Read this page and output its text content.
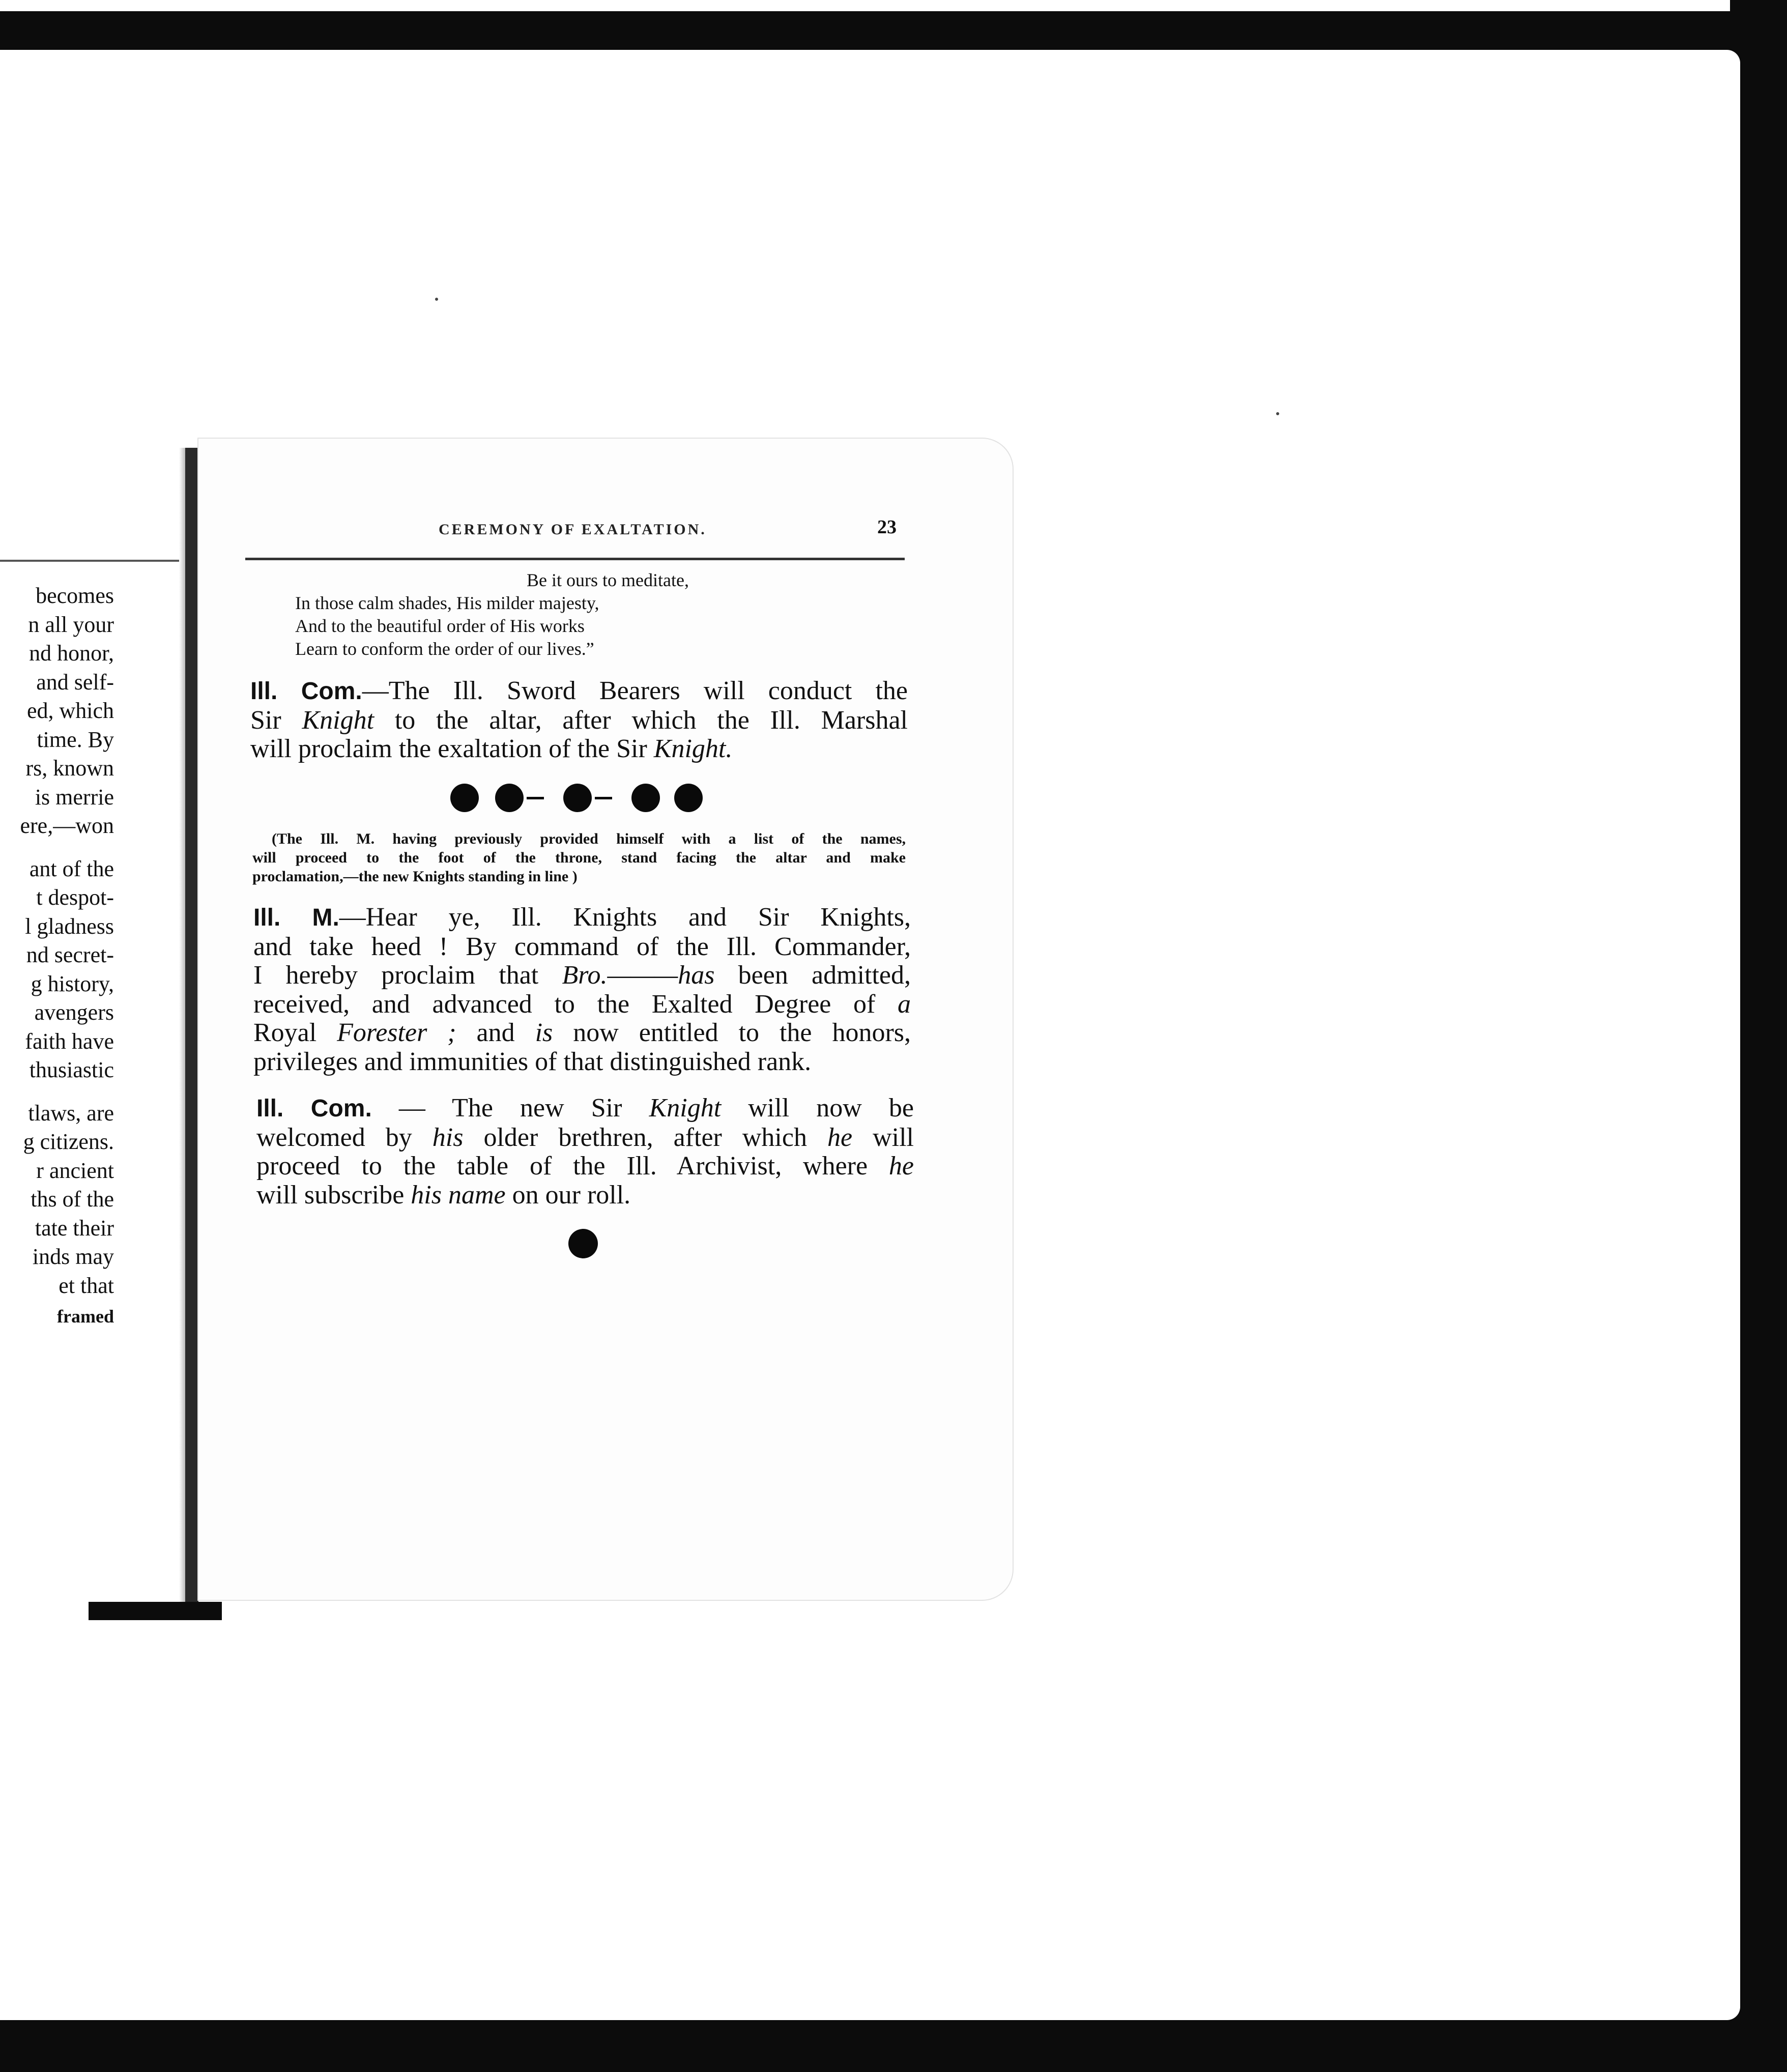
becomes
n all your
nd honor,
and self-
ed, which
time. By
rs, known
is merrie
ere,—won
ant of the
t despot-
l gladness
nd secret-
g history,
avengers
faith have
thusiastic
tlaws, are
g citizens.
r ancient
ths of the
tate their
inds may
et that
framed
CEREMONY OF EXALTATION.	23
Be it ours to meditate,
In those calm shades, His milder majesty,
And to the beautiful order of His works
Learn to conform the order of our lives.”
Ill. Com.—The Ill. Sword Bearers will conduct the
Sir Knight to the altar, after which the Ill. Marshal
will proclaim the exaltation of the Sir Knight.
(The Ill. M. having previously provided himself with a list of the names,
will proceed to the foot of the throne, stand facing the altar and make
proclamation,—the new Knights standing in line )
Ill. M.—Hear ye, Ill. Knights and Sir Knights,
and take heed ! By command of the Ill. Commander,
I hereby proclaim that Bro.———has been admitted,
received, and advanced to the Exalted Degree of a
Royal Forester ; and is now entitled to the honors,
privileges and immunities of that distinguished rank.
Ill. Com. — The new Sir Knight will now be
welcomed by his older brethren, after which he will
proceed to the table of the Ill. Archivist, where he
will subscribe his name on our roll.
